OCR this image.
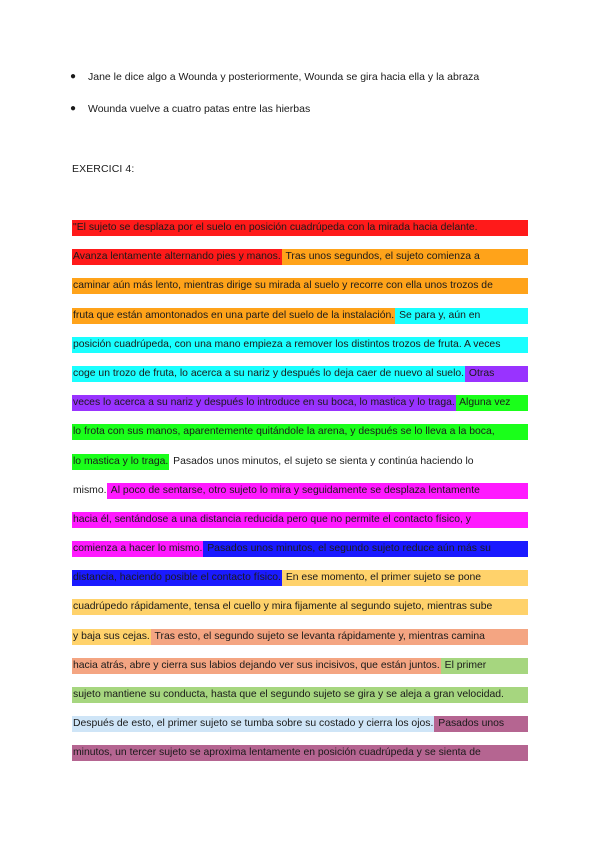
● Jane le dice algo a Wounda y posteriormente, Wounda se gira hacia ella y la abraza
● Wounda vuelve a cuatro patas entre las hierbas
EXERCICI 4:
"El sujeto se desplaza por el suelo en posición cuadrúpeda con la mirada hacia delante.
Avanza lentamente alternando pies y manos. Tras unos segundos, el sujeto comienza a
caminar aún más lento, mientras dirige su mirada al suelo y recorre con ella unos trozos de
fruta que están amontonados en una parte del suelo de la instalación. Se para y, aún en
posición cuadrúpeda, con una mano empieza a remover los distintos trozos de fruta. A veces
coge un trozo de fruta, lo acerca a su nariz y después lo deja caer de nuevo al suelo. Otras
veces lo acerca a su nariz y después lo introduce en su boca, lo mastica y lo traga. Alguna vez
lo frota con sus manos, aparentemente quitándole la arena, y después se lo lleva a la boca,
lo mastica y lo traga. Pasados unos minutos, el sujeto se sienta y continúa haciendo lo
mismo. Al poco de sentarse, otro sujeto lo mira y seguidamente se desplaza lentamente
hacia él, sentándose a una distancia reducida pero que no permite el contacto físico, y
comienza a hacer lo mismo. Pasados unos minutos, el segundo sujeto reduce aún más su
distancia, haciendo posible el contacto físico. En ese momento, el primer sujeto se pone
cuadrúpedo rápidamente, tensa el cuello y mira fijamente al segundo sujeto, mientras sube
y baja sus cejas. Tras esto, el segundo sujeto se levanta rápidamente y, mientras camina
hacia atrás, abre y cierra sus labios dejando ver sus incisivos, que están juntos. El primer
sujeto mantiene su conducta, hasta que el segundo sujeto se gira y se aleja a gran velocidad.
Después de esto, el primer sujeto se tumba sobre su costado y cierra los ojos. Pasados unos
minutos, un tercer sujeto se aproxima lentamente en posición cuadrúpeda y se sienta de
